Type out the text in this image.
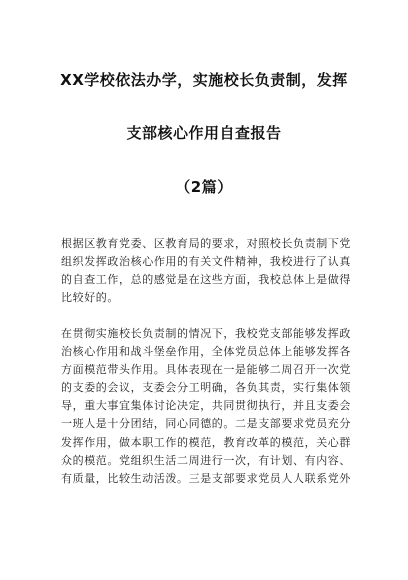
XX学校依法办学，实施校长负责制，发挥
支部核心作用自查报告
（2篇）
根据区教育党委、区教育局的要求，对照校长负责制下党
组织发挥政治核心作用的有关文件精神，我校进行了认真
的自查工作，总的感觉是在这些方面，我校总体上是做得
比较好的。
在贯彻实施校长负责制的情况下，我校党支部能够发挥政
治核心作用和战斗堡垒作用，全体党员总体上能够发挥各
方面模范带头作用。具体表现在一是能够二周召开一次党
的支委的会议，支委会分工明确，各负其责，实行集体领
导，重大事宜集体讨论决定，共同贯彻执行，并且支委会
一班人是十分团结，同心同德的。二是支部要求党员充分
发挥作用，做本职工作的模范，教育改革的模范，关心群
众的模范。党组织生活二周进行一次，有计划、有内容、
有质量，比较生动活泼。三是支部要求党员人人联系党外
